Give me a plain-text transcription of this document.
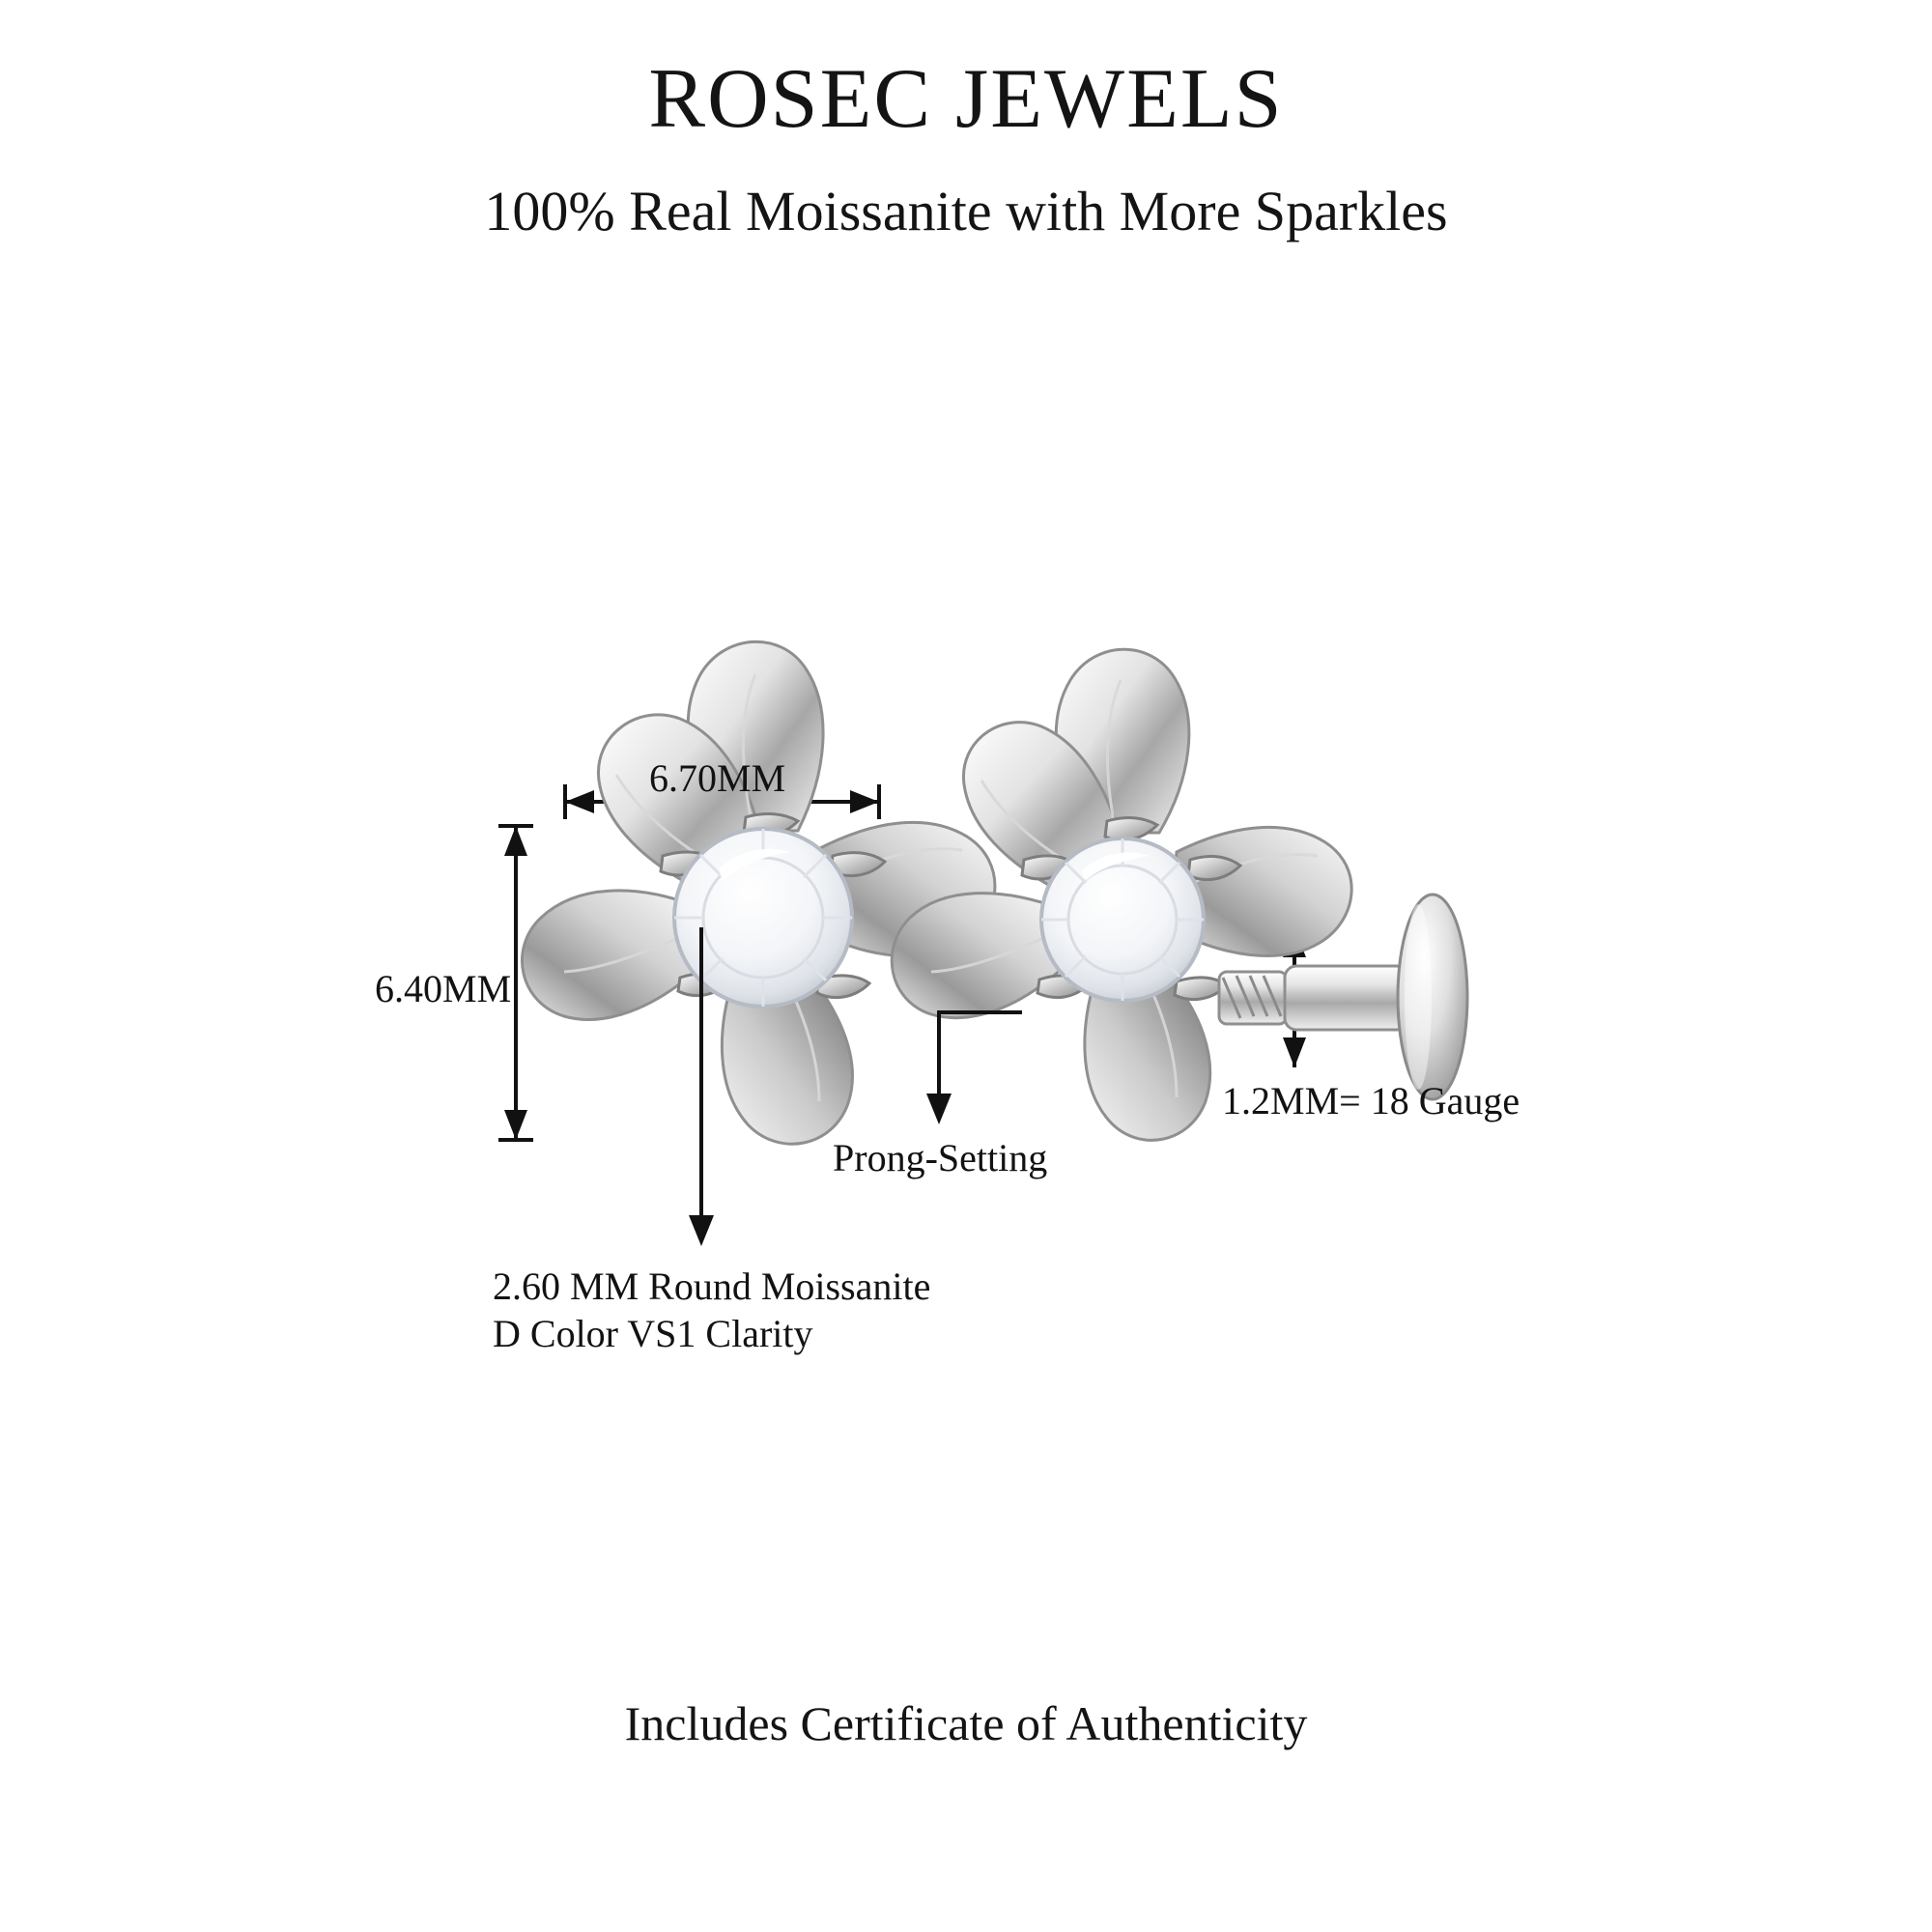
ROSEC JEWELS
100% Real Moissanite with More Sparkles
6.70MM
6.40MM
1.2MM= 18 Gauge
Prong-Setting
2.60 MM Round Moissanite
D Color VS1 Clarity
Includes Certificate of Authenticity
